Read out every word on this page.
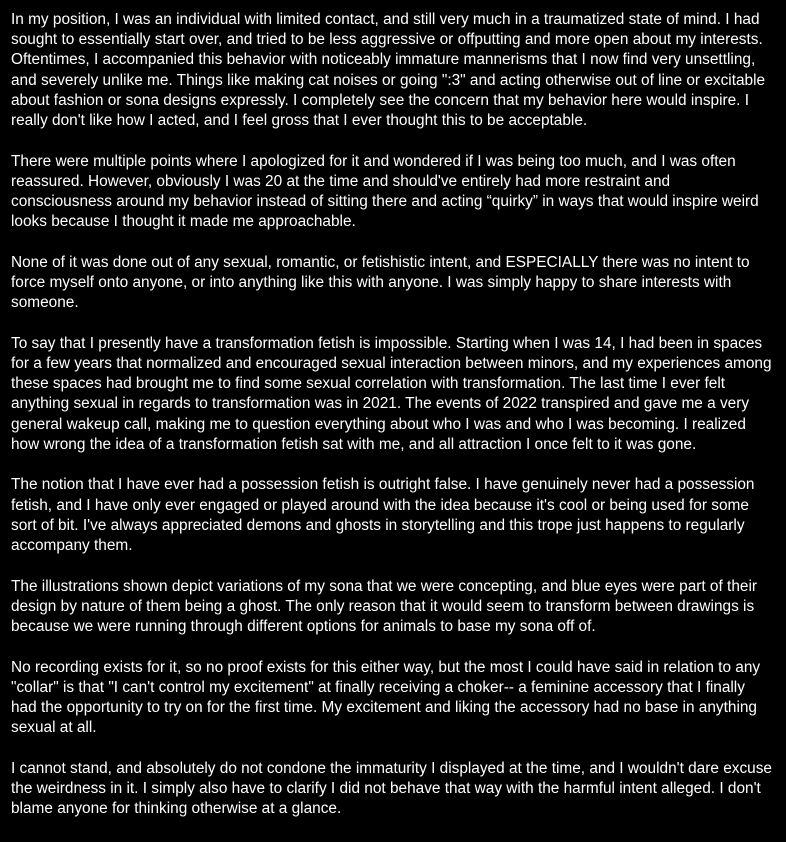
In my position, I was an individual with limited contact, and still very much in a traumatized state of mind. I had sought to essentially start over, and tried to be less aggressive or offputting and more open about my interests. Oftentimes, I accompanied this behavior with noticeably immature mannerisms that I now find very unsettling, and severely unlike me. Things like making cat noises or going ":3" and acting otherwise out of line or excitable about fashion or sona designs expressly. I completely see the concern that my behavior here would inspire. I really don't like how I acted, and I feel gross that I ever thought this to be acceptable.

There were multiple points where I apologized for it and wondered if I was being too much, and I was often reassured. However, obviously I was 20 at the time and should've entirely had more restraint and consciousness around my behavior instead of sitting there and acting “quirky” in ways that would inspire weird looks because I thought it made me approachable.

None of it was done out of any sexual, romantic, or fetishistic intent, and ESPECIALLY there was no intent to force myself onto anyone, or into anything like this with anyone. I was simply happy to share interests with someone.

To say that I presently have a transformation fetish is impossible. Starting when I was 14, I had been in spaces for a few years that normalized and encouraged sexual interaction between minors, and my experiences among these spaces had brought me to find some sexual correlation with transformation. The last time I ever felt anything sexual in regards to transformation was in 2021. The events of 2022 transpired and gave me a very general wakeup call, making me to question everything about who I was and who I was becoming. I realized how wrong the idea of a transformation fetish sat with me, and all attraction I once felt to it was gone.

The notion that I have ever had a possession fetish is outright false. I have genuinely never had a possession fetish, and I have only ever engaged or played around with the idea because it's cool or being used for some sort of bit. I've always appreciated demons and ghosts in storytelling and this trope just happens to regularly accompany them.

The illustrations shown depict variations of my sona that we were concepting, and blue eyes were part of their design by nature of them being a ghost. The only reason that it would seem to transform between drawings is because we were running through different options for animals to base my sona off of.

No recording exists for it, so no proof exists for this either way, but the most I could have said in relation to any "collar" is that "I can't control my excitement" at finally receiving a choker-- a feminine accessory that I finally had the opportunity to try on for the first time. My excitement and liking the accessory had no base in anything sexual at all.

I cannot stand, and absolutely do not condone the immaturity I displayed at the time, and I wouldn't dare excuse the weirdness in it. I simply also have to clarify I did not behave that way with the harmful intent alleged. I don't blame anyone for thinking otherwise at a glance.
